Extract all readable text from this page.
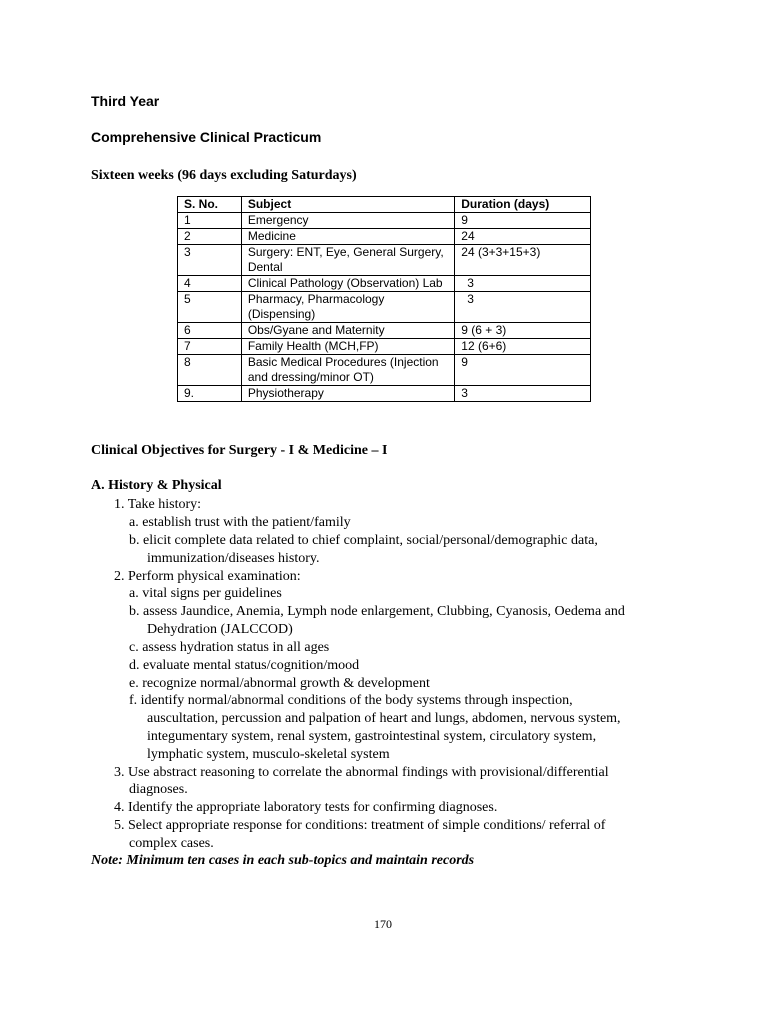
Third Year
Comprehensive Clinical Practicum
Sixteen weeks (96 days excluding Saturdays)
S. No.	Subject	Duration (days)
1	Emergency	9
2	Medicine	24
3	Surgery: ENT, Eye, General Surgery, Dental	24 (3+3+15+3)
4	Clinical Pathology (Observation) Lab	3
5	Pharmacy, Pharmacology (Dispensing)	3
6	Obs/Gyane and Maternity	9 (6 + 3)
7	Family Health (MCH,FP)	12 (6+6)
8	Basic Medical Procedures (Injection and dressing/minor OT)	9
9.	Physiotherapy	3
Clinical Objectives for Surgery - I & Medicine – I
A. History & Physical
1. Take history:
a. establish trust with the patient/family
b. elicit complete data related to chief complaint, social/personal/demographic data,
immunization/diseases history.
2. Perform physical examination:
a. vital signs per guidelines
b. assess Jaundice, Anemia, Lymph node enlargement, Clubbing, Cyanosis, Oedema and
Dehydration (JALCCOD)
c. assess hydration status in all ages
d. evaluate mental status/cognition/mood
e. recognize normal/abnormal growth & development
f. identify normal/abnormal conditions of the body systems through inspection,
auscultation, percussion and palpation of heart and lungs, abdomen, nervous system,
integumentary system, renal system, gastrointestinal system, circulatory system,
lymphatic system, musculo-skeletal system
3. Use abstract reasoning to correlate the abnormal findings with provisional/differential
diagnoses.
4. Identify the appropriate laboratory tests for confirming diagnoses.
5. Select appropriate response for conditions: treatment of simple conditions/ referral of
complex cases.
Note: Minimum ten cases in each sub-topics and maintain records
170
